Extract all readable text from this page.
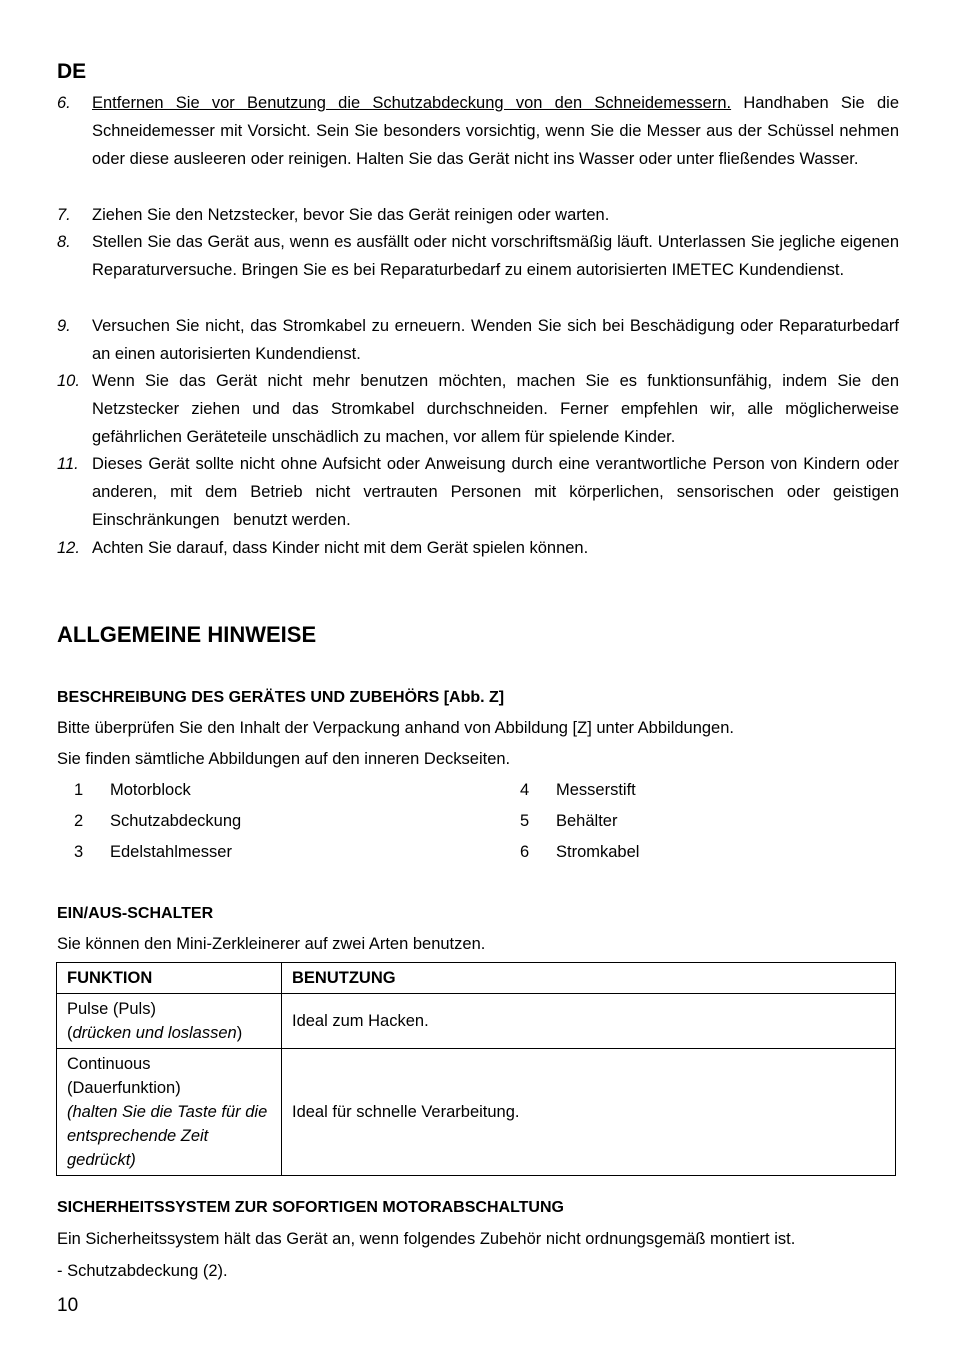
DE
6. Entfernen Sie vor Benutzung die Schutzabdeckung von den Schneidemessern. Handhaben Sie die Schneidemesser mit Vorsicht. Sein Sie besonders vorsichtig, wenn Sie die Messer aus der Schüssel nehmen oder diese ausleeren oder reinigen. Halten Sie das Gerät nicht ins Wasser oder unter fließendes Wasser.
7. Ziehen Sie den Netzstecker, bevor Sie das Gerät reinigen oder warten.
8. Stellen Sie das Gerät aus, wenn es ausfällt oder nicht vorschriftsmäßig läuft. Unterlassen Sie jegliche eigenen Reparaturversuche. Bringen Sie es bei Reparaturbedarf zu einem autorisierten IMETEC Kundendienst.
9. Versuchen Sie nicht, das Stromkabel zu erneuern. Wenden Sie sich bei Beschädigung oder Reparaturbedarf an einen autorisierten Kundendienst.
10. Wenn Sie das Gerät nicht mehr benutzen möchten, machen Sie es funktionsunfähig, indem Sie den Netzstecker ziehen und das Stromkabel durchschneiden. Ferner empfehlen wir, alle möglicherweise gefährlichen Geräteteile unschädlich zu machen, vor allem für spielende Kinder.
11. Dieses Gerät sollte nicht ohne Aufsicht oder Anweisung durch eine verantwortliche Person von Kindern oder anderen, mit dem Betrieb nicht vertrauten Personen mit körperlichen, sensorischen oder geistigen Einschränkungen   benutzt werden.
12. Achten Sie darauf, dass Kinder nicht mit dem Gerät spielen können.
ALLGEMEINE HINWEISE
BESCHREIBUNG DES GERÄTES UND ZUBEHÖRS [Abb. Z]
Bitte überprüfen Sie den Inhalt der Verpackung anhand von Abbildung [Z] unter Abbildungen.
Sie finden sämtliche Abbildungen auf den inneren Deckseiten.
1 Motorblock
2 Schutzabdeckung
3 Edelstahlmesser
4 Messerstift
5 Behälter
6 Stromkabel
EIN/AUS-SCHALTER
Sie können den Mini-Zerkleinerer auf zwei Arten benutzen.
FUNKTION	BENUTZUNG

Pulse (Puls)
(drücken und loslassen)	Ideal zum Hacken.

Continuous
(Dauerfunktion)
(halten Sie die Taste für die entsprechende Zeit gedrückt)	Ideal für schnelle Verarbeitung.
SICHERHEITSSYSTEM ZUR SOFORTIGEN MOTORABSCHALTUNG
Ein Sicherheitssystem hält das Gerät an, wenn folgendes Zubehör nicht ordnungsgemäß montiert ist.
- Schutzabdeckung (2).
10
